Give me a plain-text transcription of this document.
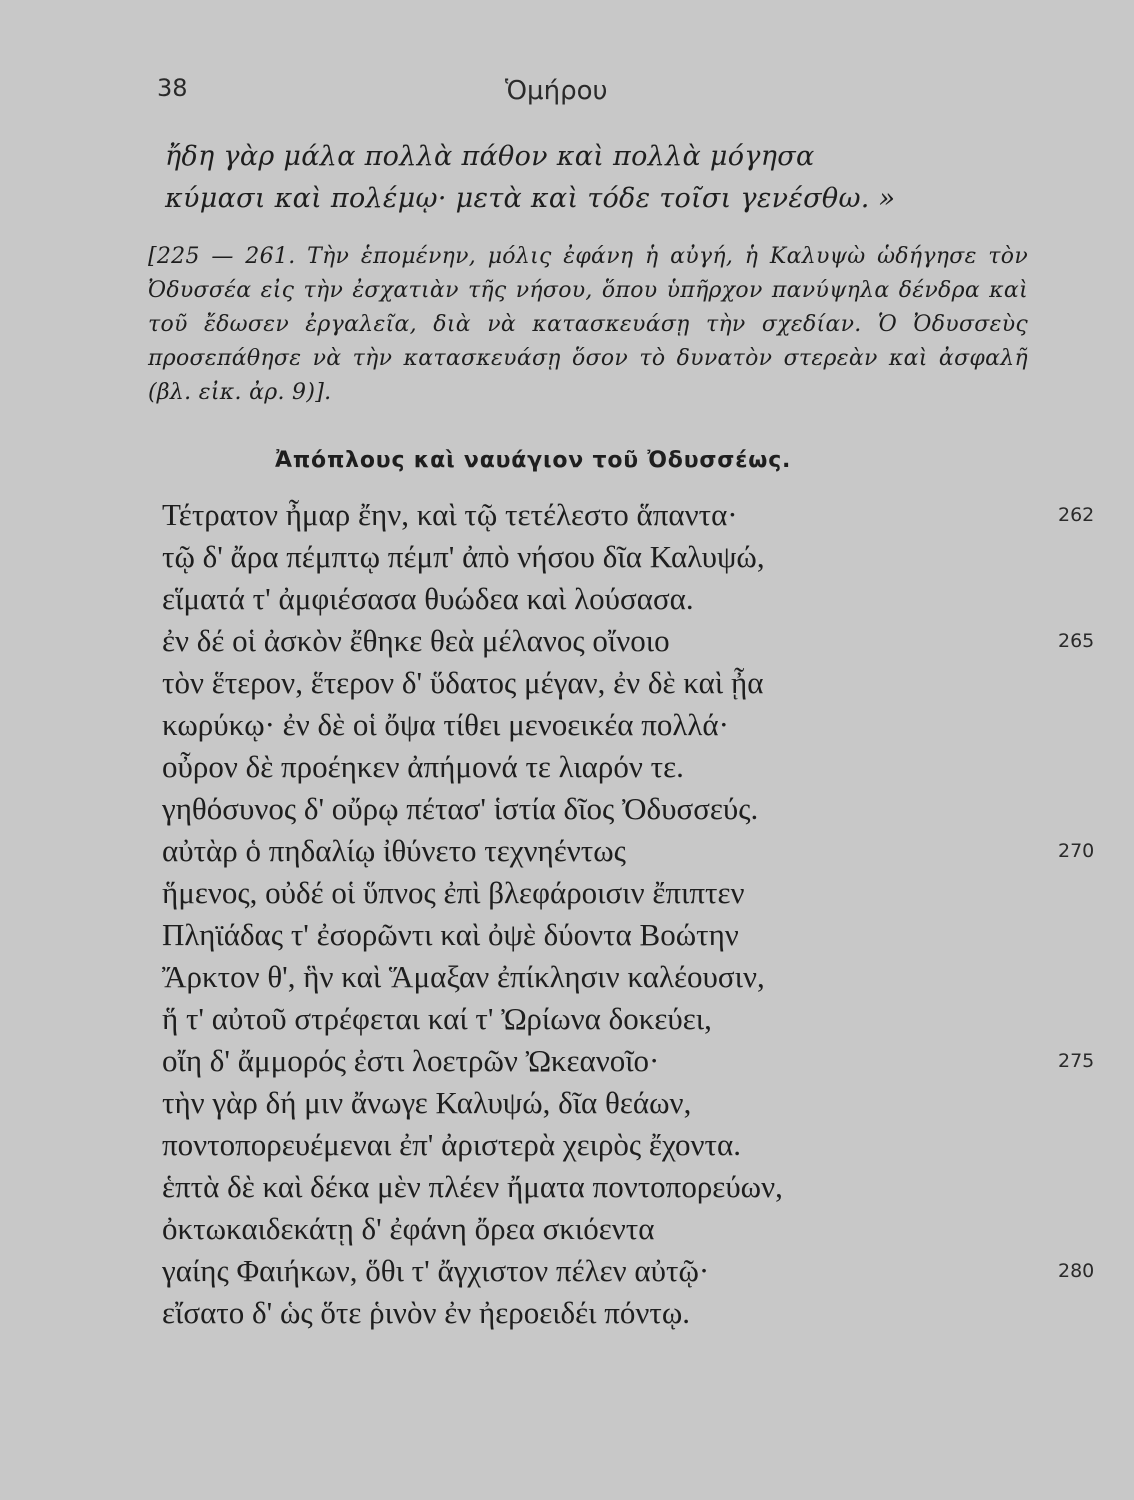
38	Ὁμήρου
ἤδη γὰρ μάλα πολλὰ πάθον καὶ πολλὰ μόγησα
κύμασι καὶ πολέμῳ· μετὰ καὶ τόδε τοῖσι γενέσθω. »
[225 — 261. Τὴν ἑπομένην, μόλις ἐφάνη ἡ αὐγή, ἡ Καλυψὼ ὡδήγησε τὸν Ὀδυσσέα εἰς τὴν ἐσχατιὰν τῆς νήσου, ὅπου ὑπῆρχον πανύψηλα δένδρα καὶ τοῦ ἔδωσεν ἐργαλεῖα, διὰ νὰ κατασκευάσῃ τὴν σχεδίαν. Ὁ Ὀδυσσεὺς προσεπάθησε νὰ τὴν κατασκευάσῃ ὅσον τὸ δυνατὸν στερεὰν καὶ ἀσφαλῆ (βλ. εἰκ. ἀρ. 9)].
Ἀπόπλους καὶ ναυάγιον τοῦ Ὀδυσσέως.
Τέτρατον ἦμαρ ἔην, καὶ τῷ τετέλεστο ἅπαντα·	262
τῷ δ' ἄρα πέμπτῳ πέμπ' ἀπὸ νήσου δῖα Καλυψώ,
εἵματά τ' ἀμφιέσασα θυώδεα καὶ λούσασα.
ἐν δέ οἱ ἀσκὸν ἔθηκε θεὰ μέλανος οἴνοιο	265
τὸν ἕτερον, ἕτερον δ' ὕδατος μέγαν, ἐν δὲ καὶ ᾖα
κωρύκῳ· ἐν δὲ οἱ ὄψα τίθει μενοεικέα πολλά·
οὖρον δὲ προέηκεν ἀπήμονά τε λιαρόν τε.
γηθόσυνος δ' οὔρῳ πέτασ' ἱστία δῖος Ὀδυσσεύς.
αὐτὰρ ὁ πηδαλίῳ ἰθύνετο τεχνηέντως	270
ἥμενος, οὐδέ οἱ ὕπνος ἐπὶ βλεφάροισιν ἔπιπτεν
Πληϊάδας τ' ἐσορῶντι καὶ ὀψὲ δύοντα Βοώτην
Ἄρκτον θ', ἣν καὶ Ἅμαξαν ἐπίκλησιν καλέουσιν,
ἥ τ' αὐτοῦ στρέφεται καί τ' Ὠρίωνα δοκεύει,
οἴη δ' ἄμμορός ἐστι λοετρῶν Ὠκεανοῖο·	275
τὴν γὰρ δή μιν ἄνωγε Καλυψώ, δῖα θεάων,
ποντοπορευέμεναι ἐπ' ἀριστερὰ χειρὸς ἔχοντα.
ἑπτὰ δὲ καὶ δέκα μὲν πλέεν ἤματα ποντοπορεύων,
ὀκτωκαιδεκάτῃ δ' ἐφάνη ὄρεα σκιόεντα
γαίης Φαιήκων, ὅθι τ' ἄγχιστον πέλεν αὐτῷ·	280
εἴσατο δ' ὡς ὅτε ῥινὸν ἐν ἠεροειδέι πόντῳ.
